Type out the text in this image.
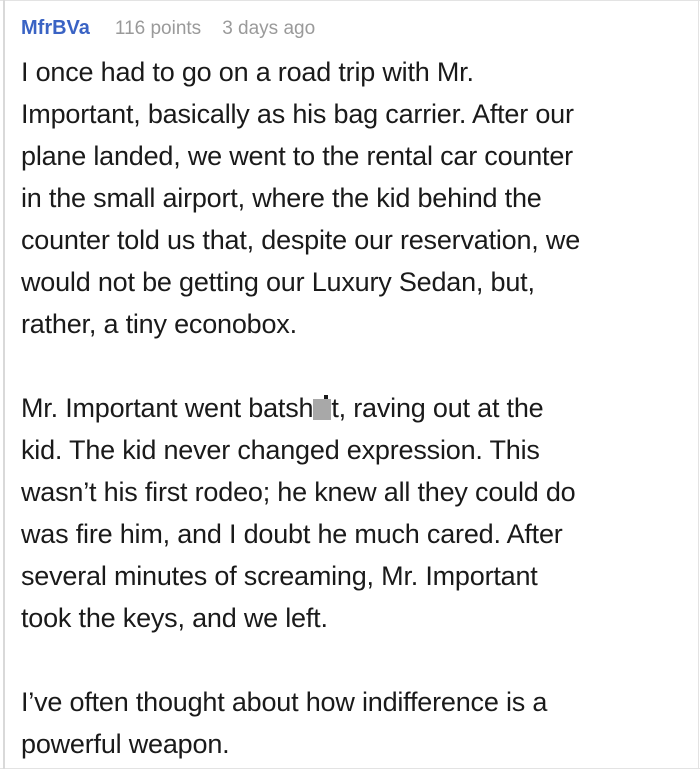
MfrBVa 116 points 3 days ago
I once had to go on a road trip with Mr.
Important, basically as his bag carrier. After our
plane landed, we went to the rental car counter
in the small airport, where the kid behind the
counter told us that, despite our reservation, we
would not be getting our Luxury Sedan, but,
rather, a tiny econobox.
Mr. Important went batsh t, raving out at the
kid. The kid never changed expression. This
wasn’t his first rodeo; he knew all they could do
was fire him, and I doubt he much cared. After
several minutes of screaming, Mr. Important
took the keys, and we left.
I’ve often thought about how indifference is a
powerful weapon.
